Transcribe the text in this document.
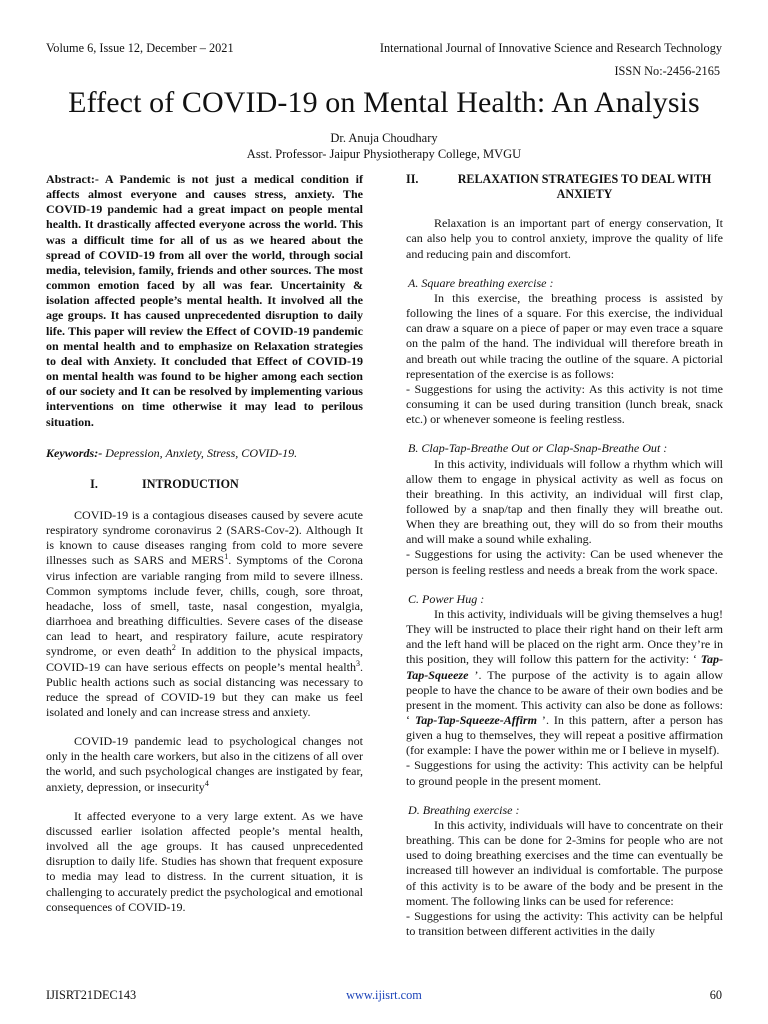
Volume 6, Issue 12, December – 2021	International Journal of Innovative Science and Research Technology
ISSN No:-2456-2165
Effect of COVID-19 on Mental Health: An Analysis
Dr. Anuja Choudhary
Asst. Professor- Jaipur Physiotherapy College, MVGU

Abstract:- A Pandemic is not just a medical condition if affects almost everyone and causes stress, anxiety. The COVID-19 pandemic had a great impact on people mental health. It drastically affected everyone across the world. This was a difficult time for all of us as we heared about the spread of COVID-19 from all over the world, through social media, television, family, friends and other sources. The most common emotion faced by all was fear. Uncertainity & isolation affected people’s mental health. It involved all the age groups. It has caused unprecedented disruption to daily life. This paper will review the Effect of COVID-19 pandemic on mental health and to emphasize on Relaxation strategies to deal with Anxiety. It concluded that Effect of COVID-19 on mental health was found to be higher among each section of our society and It can be resolved by implementing various interventions on time otherwise it may lead to perilous situation.

Keywords:- Depression, Anxiety, Stress, COVID-19.

I.	INTRODUCTION

COVID-19 is a contagious diseases caused by severe acute respiratory syndrome coronavirus 2 (SARS-Cov-2). Although It is known to cause diseases ranging from cold to more severe illnesses such as SARS and MERS$^1$. Symptoms of the Corona virus infection are variable ranging from mild to severe illness. Common symptoms include fever, chills, cough, sore throat, headache, loss of smell, taste, nasal congestion, myalgia, diarrhoea and breathing difficulties. Severe cases of the disease can lead to heart, and respiratory failure, acute respiratory syndrome, or even death$^2$ In addition to the physical impacts, COVID-19 can have serious effects on people’s mental health$^3$. Public health actions such as social distancing was necessary to reduce the spread of COVID-19 but they can make us feel isolated and lonely and can increase stress and anxiety.

COVID-19 pandemic lead to psychological changes not only in the health care workers, but also in the citizens of all over the world, and such psychological changes are instigated by fear, anxiety, depression, or insecurity$^4$

It affected everyone to a very large extent. As we have discussed earlier isolation affected people’s mental health, involved all the age groups. It has caused unprecedented disruption to daily life. Studies has shown that frequent exposure to media may lead to distress. In the current situation, it is challenging to accurately predict the psychological and emotional consequences of COVID-19.

II.	RELAXATION STRATEGIES TO DEAL WITH ANXIETY

Relaxation is an important part of energy conservation, It can also help you to control anxiety, improve the quality of life and reducing pain and discomfort.

A. Square breathing exercise :

In this exercise, the breathing process is assisted by following the lines of a square. For this exercise, the individual can draw a square on a piece of paper or may even trace a square on the palm of the hand. The individual will therefore breath in and breath out while tracing the outline of the square. A pictorial representation of the exercise is as follows:

- Suggestions for using the activity: As this activity is not time consuming it can be used during transition (lunch break, snack etc.) or whenever someone is feeling restless.

B. Clap-Tap-Breathe Out or Clap-Snap-Breathe Out :

In this activity, individuals will follow a rhythm which will allow them to engage in physical activity as well as focus on their breathing. In this activity, an individual will first clap, followed by a snap/tap and then finally they will breathe out. When they are breathing out, they will do so from their mouths and will make a sound while exhaling.

- Suggestions for using the activity: Can be used whenever the person is feeling restless and needs a break from the work space.

C. Power Hug :

In this activity, individuals will be giving themselves a hug! They will be instructed to place their right hand on their left arm and the left hand will be placed on the right arm. Once they’re in this position, they will follow this pattern for the activity: ‘ Tap-Tap-Squeeze ’. The purpose of the activity is to again allow people to have the chance to be aware of their own bodies and be present in the moment. This activity can also be done as follows: ‘ Tap-Tap-Squeeze-Affirm ’. In this pattern, after a person has given a hug to themselves, they will repeat a positive affirmation (for example: I have the power within me or I believe in myself).

- Suggestions for using the activity: This activity can be helpful to ground people in the present moment.

D. Breathing exercise :

In this activity, individuals will have to concentrate on their breathing. This can be done for 2-3mins for people who are not used to doing breathing exercises and the time can eventually be increased till however an individual is comfortable. The purpose of this activity is to be aware of the body and be present in the moment. The following links can be used for reference:

- Suggestions for using the activity: This activity can be helpful to transition between different activities in the daily

IJISRT21DEC143	www.ijisrt.com	60
